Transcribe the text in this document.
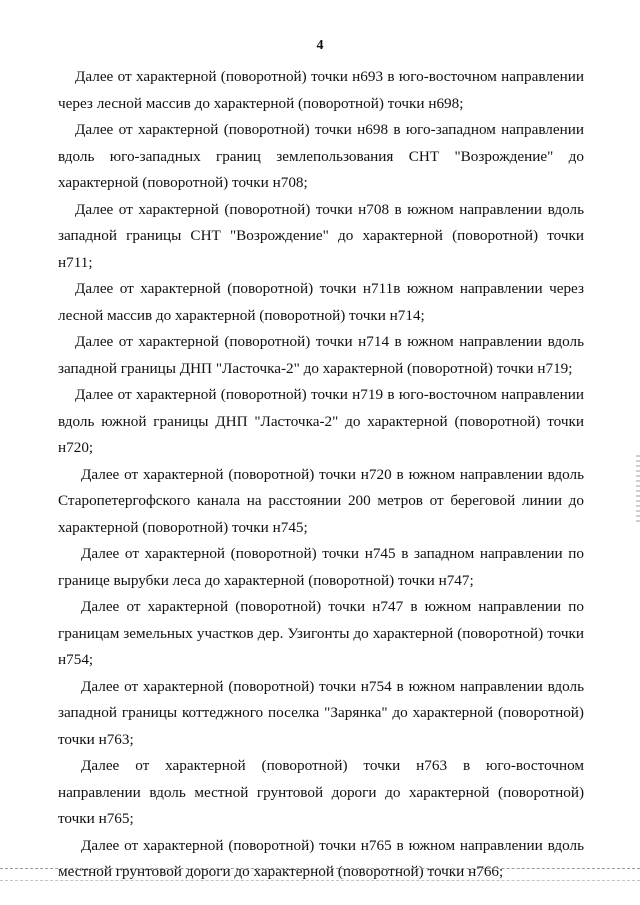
4

Далее от характерной (поворотной) точки н693 в юго-восточном направлении через лесной массив до характерной (поворотной) точки н698;

Далее от характерной (поворотной) точки н698 в юго-западном направлении вдоль юго-западных границ землепользования СНТ "Возрождение" до характерной (поворотной) точки н708;

Далее от характерной (поворотной) точки н708 в южном направлении вдоль западной границы СНТ "Возрождение" до характерной (поворотной) точки н711;

Далее от характерной (поворотной) точки н711в южном направлении через лесной массив до характерной (поворотной) точки н714;

Далее от характерной (поворотной) точки н714 в южном направлении вдоль западной границы ДНП "Ласточка-2" до характерной (поворотной) точки н719;

Далее от характерной (поворотной) точки н719 в юго-восточном направлении вдоль южной границы ДНП "Ласточка-2" до характерной (поворотной) точки н720;

Далее от характерной (поворотной) точки н720 в южном направлении вдоль Старопетергофского канала на расстоянии 200 метров от береговой линии до характерной (поворотной) точки н745;

Далее от характерной (поворотной) точки н745 в западном направлении по границе вырубки леса до характерной (поворотной) точки н747;

Далее от характерной (поворотной) точки н747 в южном направлении по границам земельных участков дер. Узигонты до характерной (поворотной) точки н754;

Далее от характерной (поворотной) точки н754 в южном направлении вдоль западной границы коттеджного поселка "Зарянка" до характерной (поворотной) точки н763;

Далее от характерной (поворотной) точки н763 в юго-восточном направлении вдоль местной грунтовой дороги до характерной (поворотной) точки н765;

Далее от характерной (поворотной) точки н765 в южном направлении вдоль местной грунтовой дороги до характерной (поворотной) точки н766;
